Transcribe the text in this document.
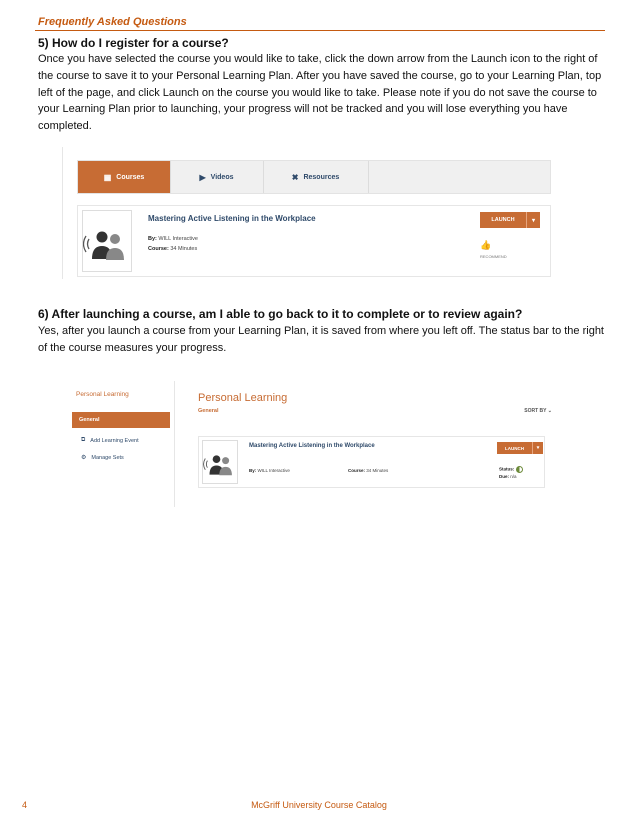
Frequently Asked Questions
5) How do I register for a course?
Once you have selected the course you would like to take, click the down arrow from the Launch icon to the right of the course to save it to your Personal Learning Plan. After you have saved the course, go to your Learning Plan, top left of the page, and click Launch on the course you would like to take. Please note if you do not save the course to your Learning Plan prior to launching, your progress will not be tracked and you will lose everything you have completed.
▦ Courses	▶ Videos	✖ Resources
Mastering Active Listening in the Workplace
By: WILL Interactive
Course: 34 Minutes
LAUNCH	▾
👍
RECOMMEND
6) After launching a course, am I able to go back to it to complete or to review again?
Yes, after you launch a course from your Learning Plan, it is saved from where you left off. The status bar to the right of the course measures your progress.
Personal Learning
General
⧉ Add Learning Event
⚙ Manage Sets
Personal Learning
General	SORT BY ⌄
Mastering Active Listening in the Workplace
By: WILL Interactive	Course: 34 Minutes
LAUNCH	▾
Status:
Due: n/a
4	McGriff University Course Catalog
